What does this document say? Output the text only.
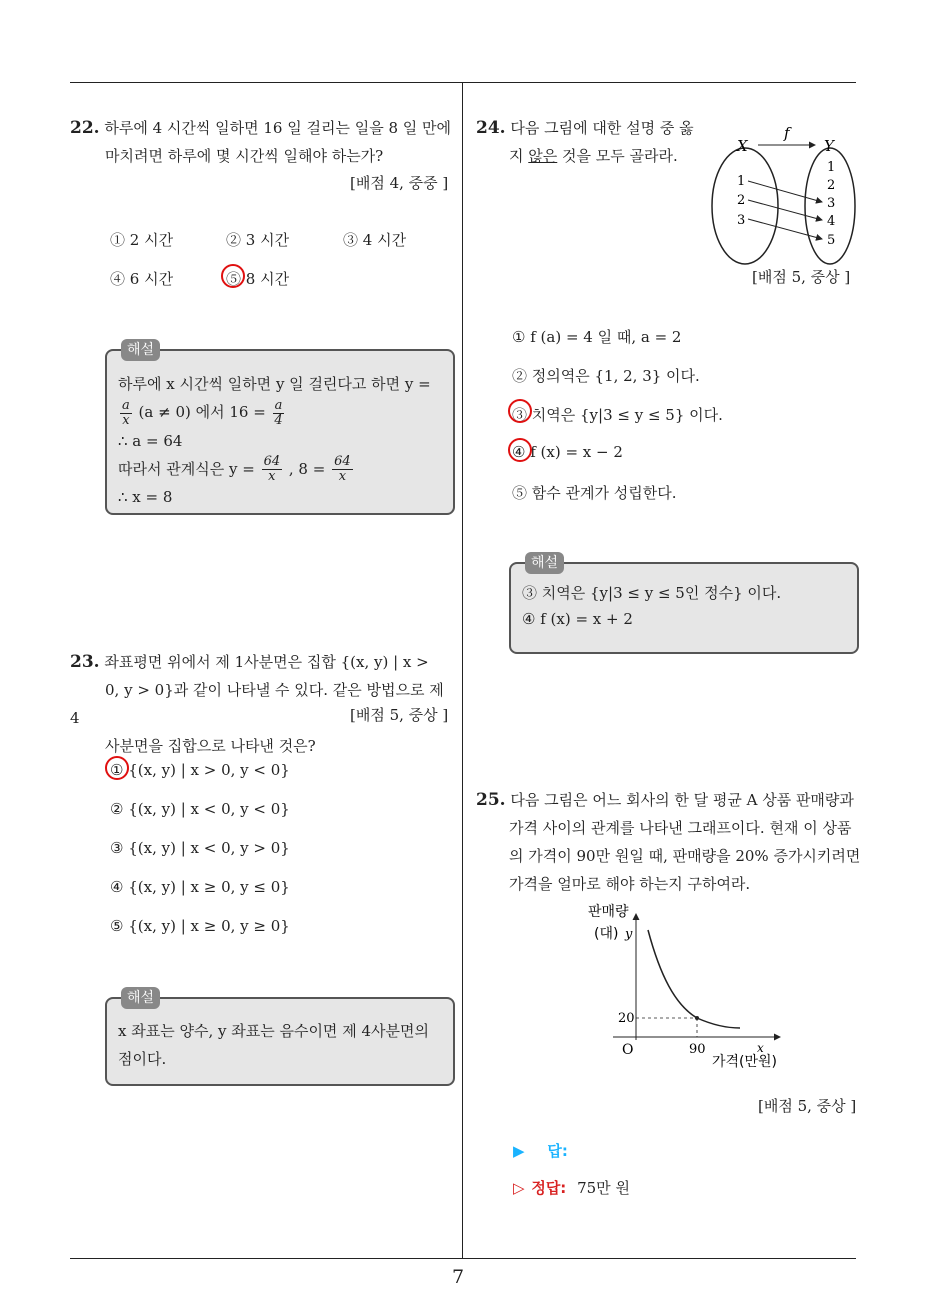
22. 하루에 4 시간씩 일하면 16 일 걸리는 일을 8 일 만에
마치려면 하루에 몇 시간씩 일해야 하는가?
[배점 4, 중중 ]
① 2 시간	② 3 시간	③ 4 시간
④ 6 시간	⑤ 8 시간
해설
하루에 x 시간씩 일하면 y 일 걸린다고 하면 y =
$\frac{a}{x} (a \ne 0)$ 에서 $16 = \frac{a}{4}$
∴ a = 64
따라서 관계식은 $y = \frac{64}{x}$ , $8 = \frac{64}{x}$
∴ x = 8
23. 좌표평면 위에서 제 1사분면은 집합 {(x, y) | x >
0, y > 0}과 같이 나타낼 수 있다. 같은 방법으로 제 4
사분면을 집합으로 나타낸 것은?
[배점 5, 중상 ]
① {(x, y) | x > 0, y < 0}
② {(x, y) | x < 0, y < 0}
③ {(x, y) | x < 0, y > 0}
④ {(x, y) | x ≥ 0, y ≤ 0}
⑤ {(x, y) | x ≥ 0, y ≥ 0}
해설
x 좌표는 양수, y 좌표는 음수이면 제 4사분면의
점이다.
24. 다음 그림에 대한 설명 중 옳
지 않은 것을 모두 골라라.
f
X	Y
1
2
3
1
2
3
4
5
[배점 5, 중상 ]
① f (a) = 4 일 때, a = 2
② 정의역은 {1, 2, 3} 이다.
③ 치역은 {y|3 ≤ y ≤ 5} 이다.
④ f (x) = x − 2
⑤ 함수 관계가 성립한다.
해설
③ 치역은 {y|3 ≤ y ≤ 5인 정수} 이다.
④ f (x) = x + 2
25. 다음 그림은 어느 회사의 한 달 평균 A 상품 판매량과
가격 사이의 관계를 나타낸 그래프이다. 현재 이 상품
의 가격이 90만 원일 때, 판매량을 20% 증가시키려면
가격을 얼마로 해야 하는지 구하여라.
판매량
(대) y
20
O	90	x
가격(만원)
[배점 5, 중상 ]
▶ 답:
▷ 정답: 75만 원
7
